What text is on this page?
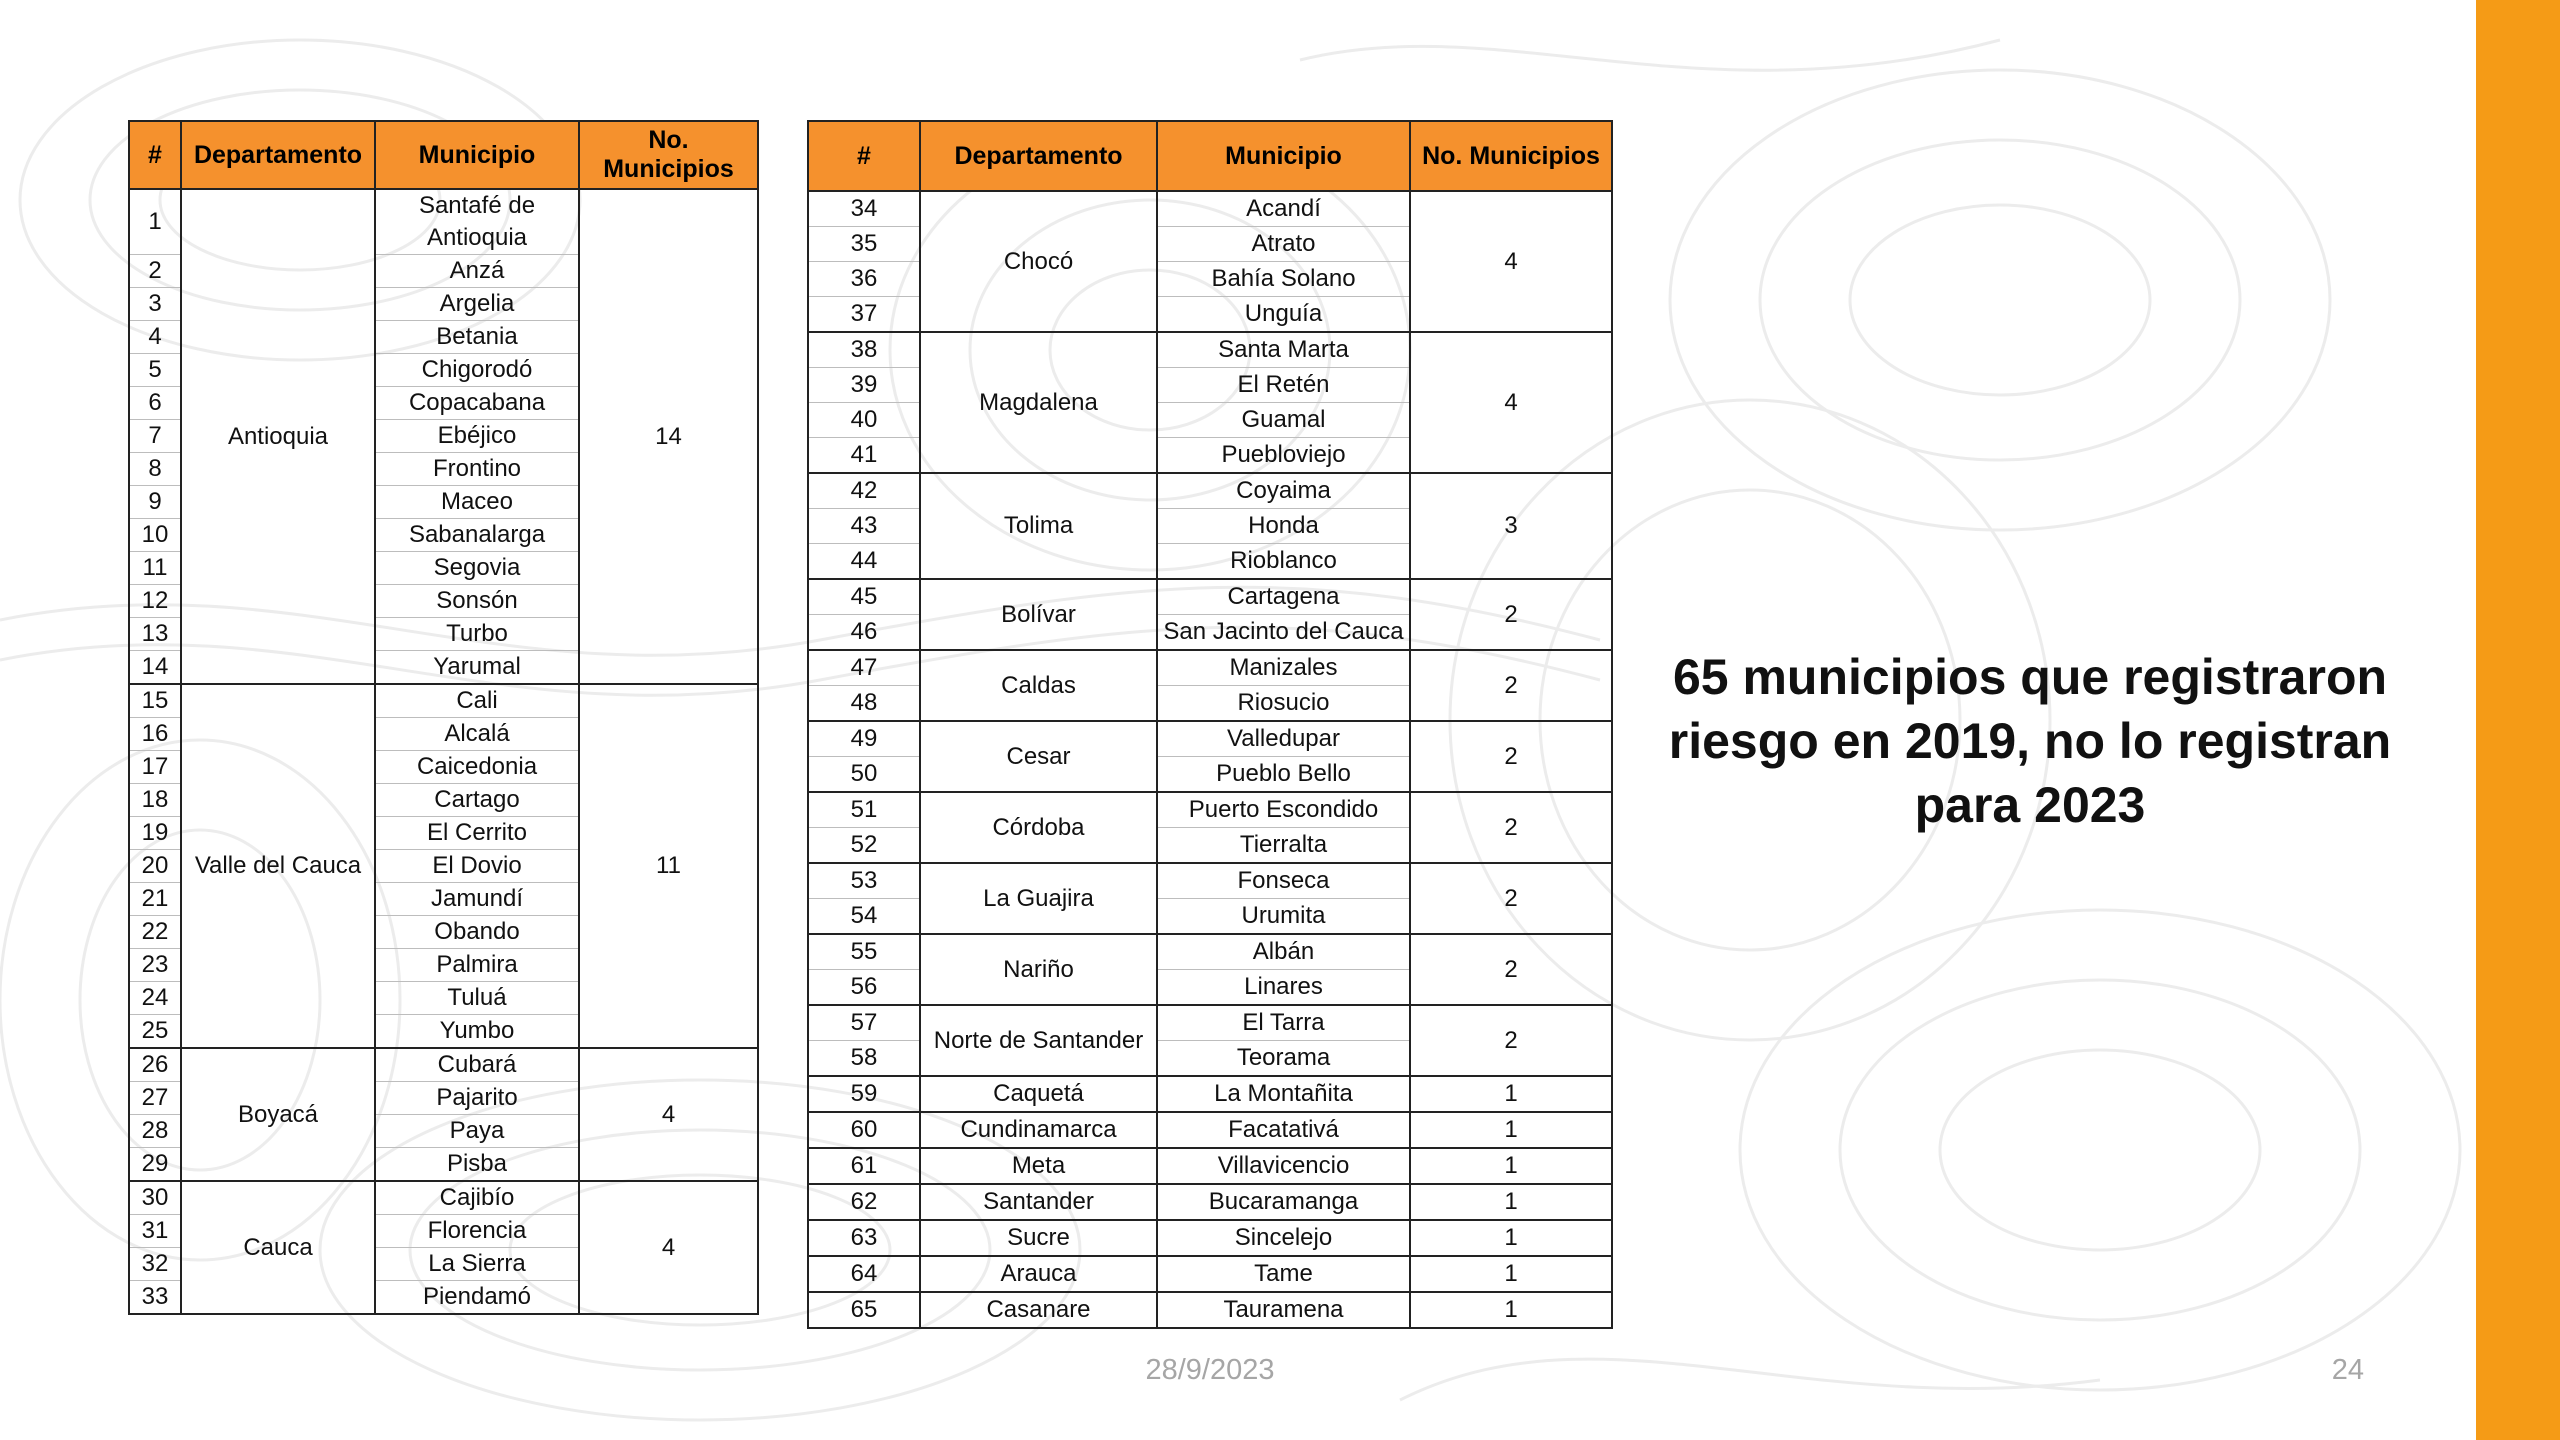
#	Departamento	Municipio	No. Municipios
1	Antioquia	Santafé de Antioquia	14
2		Anzá	
3		Argelia	
4		Betania	
5		Chigorodó	
6		Copacabana	
7		Ebéjico	
8		Frontino	
9		Maceo	
10		Sabanalarga	
11		Segovia	
12		Sonsón	
13		Turbo	
14		Yarumal	
15	Valle del Cauca	Cali	11
16		Alcalá	
17		Caicedonia	
18		Cartago	
19		El Cerrito	
20		El Dovio	
21		Jamundí	
22		Obando	
23		Palmira	
24		Tuluá	
25		Yumbo	
26	Boyacá	Cubará	4
27		Pajarito	
28		Paya	
29		Pisba	
30	Cauca	Cajibío	4
31		Florencia	
32		La Sierra	
33		Piendamó	
#	Departamento	Municipio	No. Municipios
34	Chocó	Acandí	4
35		Atrato	
36		Bahía Solano	
37		Unguía	
38	Magdalena	Santa Marta	4
39		El Retén	
40		Guamal	
41		Puebloviejo	
42	Tolima	Coyaima	3
43		Honda	
44		Rioblanco	
45	Bolívar	Cartagena	2
46		San Jacinto del Cauca	
47	Caldas	Manizales	2
48		Riosucio	
49	Cesar	Valledupar	2
50		Pueblo Bello	
51	Córdoba	Puerto Escondido	2
52		Tierralta	
53	La Guajira	Fonseca	2
54		Urumita	
55	Nariño	Albán	2
56		Linares	
57	Norte de Santander	El Tarra	2
58		Teorama	
59	Caquetá	La Montañita	1
60	Cundinamarca	Facatativá	1
61	Meta	Villavicencio	1
62	Santander	Bucaramanga	1
63	Sucre	Sincelejo	1
64	Arauca	Tame	1
65	Casanare	Tauramena	1
65 municipios que registraron riesgo en 2019, no lo registran para 2023
28/9/2023	24
